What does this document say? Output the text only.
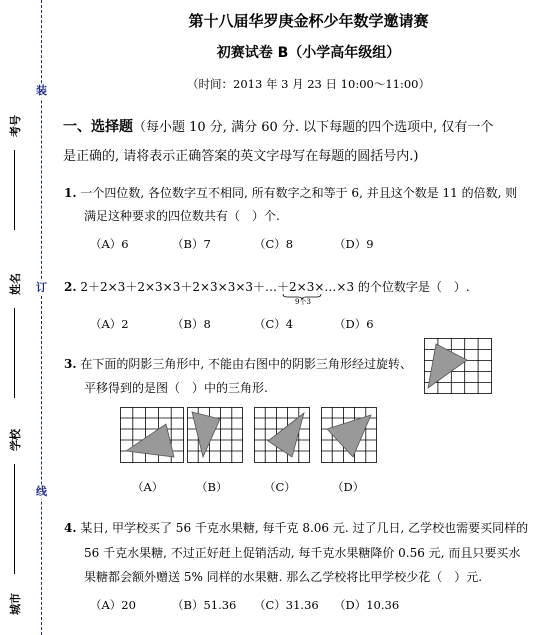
装
订
线
考号
姓名
学校
城市
第十八届华罗庚金杯少年数学邀请赛
初赛试卷 B（小学高年级组）
（时间：2013 年 3 月 23 日 10:00～11:00）
一、选择题（每小题 10 分, 满分 60 分. 以下每题的四个选项中, 仅有一个
是正确的, 请将表示正确答案的英文字母写在每题的圆括号内.)
1. 一个四位数, 各位数字互不相同, 所有数字之和等于 6, 并且这个数是 11 的倍数, 则
满足这种要求的四位数共有（　）个.
（A）6	（B）7	（C）8	（D）9
2. 2＋2×3＋2×3×3＋2×3×3×3＋…＋2×3×…×3 的个位数字是（　）.
9个3
（A）2	（B）8	（C）4	（D）6
3. 在下面的阴影三角形中, 不能由右图中的阴影三角形经过旋转、
平移得到的是图（　）中的三角形.
（A）	（B）	（C）	（D）
4. 某日, 甲学校买了 56 千克水果糖, 每千克 8.06 元. 过了几日, 乙学校也需要买同样的
56 千克水果糖, 不过正好赶上促销活动, 每千克水果糖降价 0.56 元, 而且只要买水
果糖都会额外赠送 5% 同样的水果糖. 那么乙学校将比甲学校少花（　）元.
（A）20	（B）51.36 （C）31.36 （D）10.36
